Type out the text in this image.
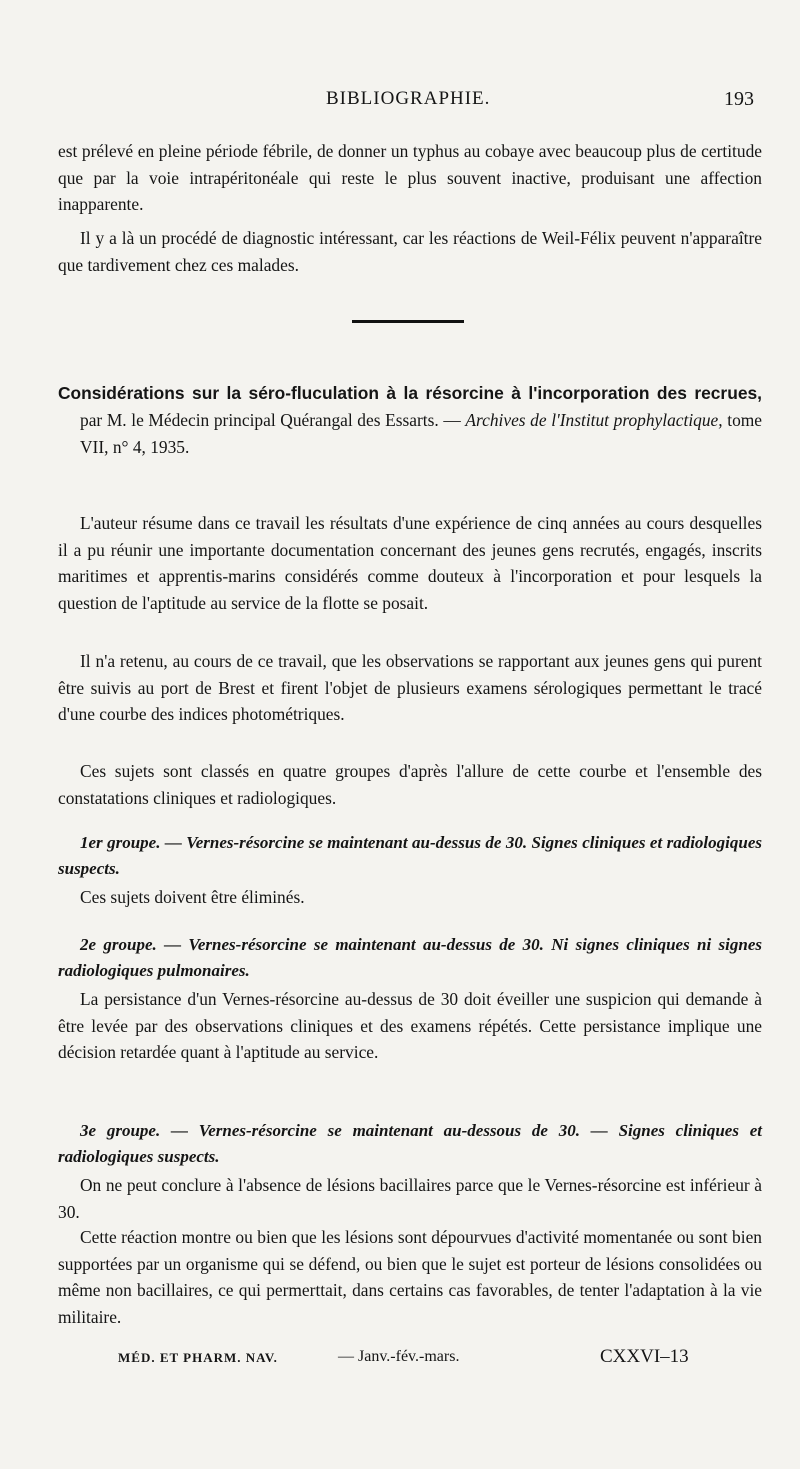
BIBLIOGRAPHIE.	193

est prélevé en pleine période fébrile, de donner un typhus au cobaye avec beaucoup plus de certitude que par la voie intrapéritonéale qui reste le plus souvent inactive, produisant une affection inapparente.

Il y a là un procédé de diagnostic intéressant, car les réactions de Weil-Félix peuvent n'apparaître que tardivement chez ces malades.

Considérations sur la séro-fluculation à la résorcine à l'incorporation des recrues, par M. le Médecin principal Quérangal des Essarts. — Archives de l'Institut prophylactique, tome VII, n° 4, 1935.

L'auteur résume dans ce travail les résultats d'une expérience de cinq années au cours desquelles il a pu réunir une importante documentation concernant des jeunes gens recrutés, engagés, inscrits maritimes et apprentis-marins considérés comme douteux à l'incorporation et pour lesquels la question de l'aptitude au service de la flotte se posait.

Il n'a retenu, au cours de ce travail, que les observations se rapportant aux jeunes gens qui purent être suivis au port de Brest et firent l'objet de plusieurs examens sérologiques permettant le tracé d'une courbe des indices photométriques.

Ces sujets sont classés en quatre groupes d'après l'allure de cette courbe et l'ensemble des constatations cliniques et radiologiques.

1er groupe. — Vernes-résorcine se maintenant au-dessus de 30. Signes cliniques et radiologiques suspects.

Ces sujets doivent être éliminés.

2e groupe. — Vernes-résorcine se maintenant au-dessus de 30. Ni signes cliniques ni signes radiologiques pulmonaires.

La persistance d'un Vernes-résorcine au-dessus de 30 doit éveiller une suspicion qui demande à être levée par des observations cliniques et des examens répétés. Cette persistance implique une décision retardée quant à l'aptitude au service.

3e groupe. — Vernes-résorcine se maintenant au-dessous de 30. — Signes cliniques et radiologiques suspects.

On ne peut conclure à l'absence de lésions bacillaires parce que le Vernes-résorcine est inférieur à 30.

Cette réaction montre ou bien que les lésions sont dépourvues d'activité momentanée ou sont bien supportées par un organisme qui se défend, ou bien que le sujet est porteur de lésions consolidées ou même non bacillaires, ce qui permerttait, dans certains cas favorables, de tenter l'adaptation à la vie militaire.

MÉD. ET PHARM. NAV.	— Janv.-fév.-mars.	CXXVI–13
